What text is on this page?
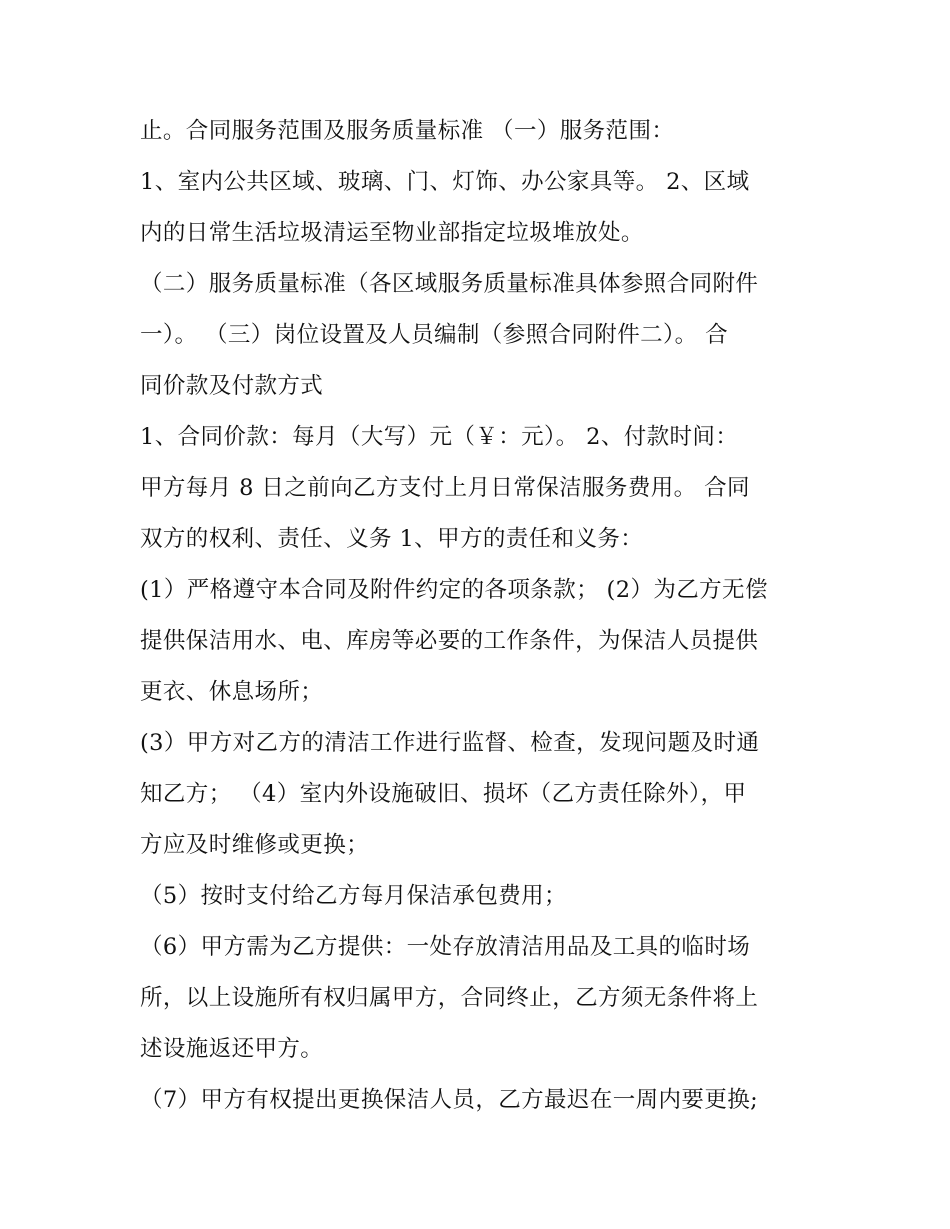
止。合同服务范围及服务质量标准 （一）服务范围：
1、室内公共区域、玻璃、门、灯饰、办公家具等。 2、区域
内的日常生活垃圾清运至物业部指定垃圾堆放处。
（二）服务质量标准（各区域服务质量标准具体参照合同附件
一）。 （三）岗位设置及人员编制（参照合同附件二）。 合
同价款及付款方式
1、合同价款：每月（大写）元（￥：元）。 2、付款时间：
甲方每月 8 日之前向乙方支付上月日常保洁服务费用。 合同
双方的权利、责任、义务 1、甲方的责任和义务：
(1）严格遵守本合同及附件约定的各项条款； (2）为乙方无偿
提供保洁用水、电、库房等必要的工作条件，为保洁人员提供
更衣、休息场所；
(3）甲方对乙方的清洁工作进行监督、检查，发现问题及时通
知乙方； （4）室内外设施破旧、损坏（乙方责任除外），甲
方应及时维修或更换；
（5）按时支付给乙方每月保洁承包费用；
（6）甲方需为乙方提供：一处存放清洁用品及工具的临时场
所，以上设施所有权归属甲方，合同终止，乙方须无条件将上
述设施返还甲方。
（7）甲方有权提出更换保洁人员，乙方最迟在一周内要更换;
